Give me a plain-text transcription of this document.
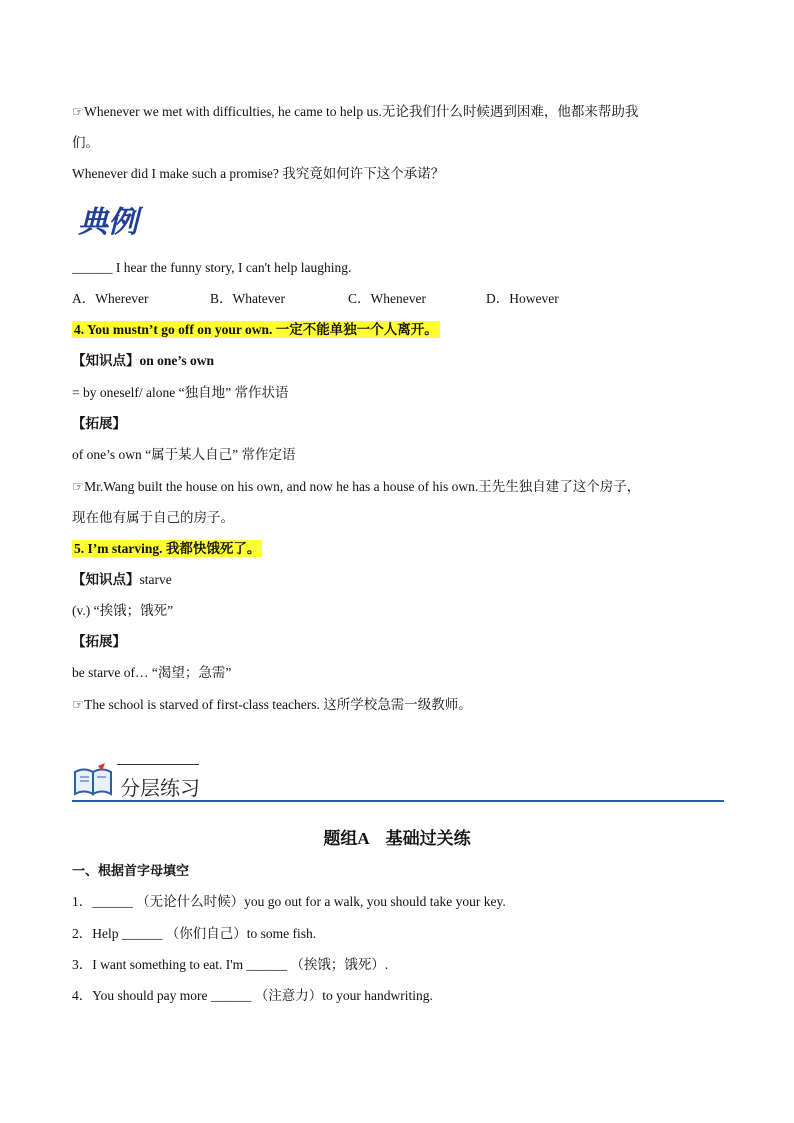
☞Whenever we met with difficulties, he came to help us.无论我们什么时候遇到困难，他都来帮助我
们。
Whenever did I make such a promise? 我究竟如何许下这个承诺？
典例
______ I hear the funny story, I can't help laughing.
A．Wherever	B．Whatever	C．Whenever	D．However
4. You mustn’t go off on your own. 一定不能单独一个人离开。
【知识点】on one’s own
= by oneself/ alone “独自地” 常作状语
【拓展】
of one’s own “属于某人自己” 常作定语
☞Mr.Wang built the house on his own, and now he has a house of his own.王先生独自建了这个房子，
现在他有属于自己的房子。
5. I’m starving. 我都快饿死了。
【知识点】starve
(v.) “挨饿；饿死”
【拓展】
be starve of… “渴望；急需”
☞The school is starved of first-class teachers. 这所学校急需一级教师。
分层练习
题组A　基础过关练
一、根据首字母填空
1．______ （无论什么时候）you go out for a walk, you should take your key.
2．Help ______ （你们自己）to some fish.
3．I want something to eat. I'm ______ （挨饿；饿死）.
4．You should pay more ______ （注意力）to your handwriting.
